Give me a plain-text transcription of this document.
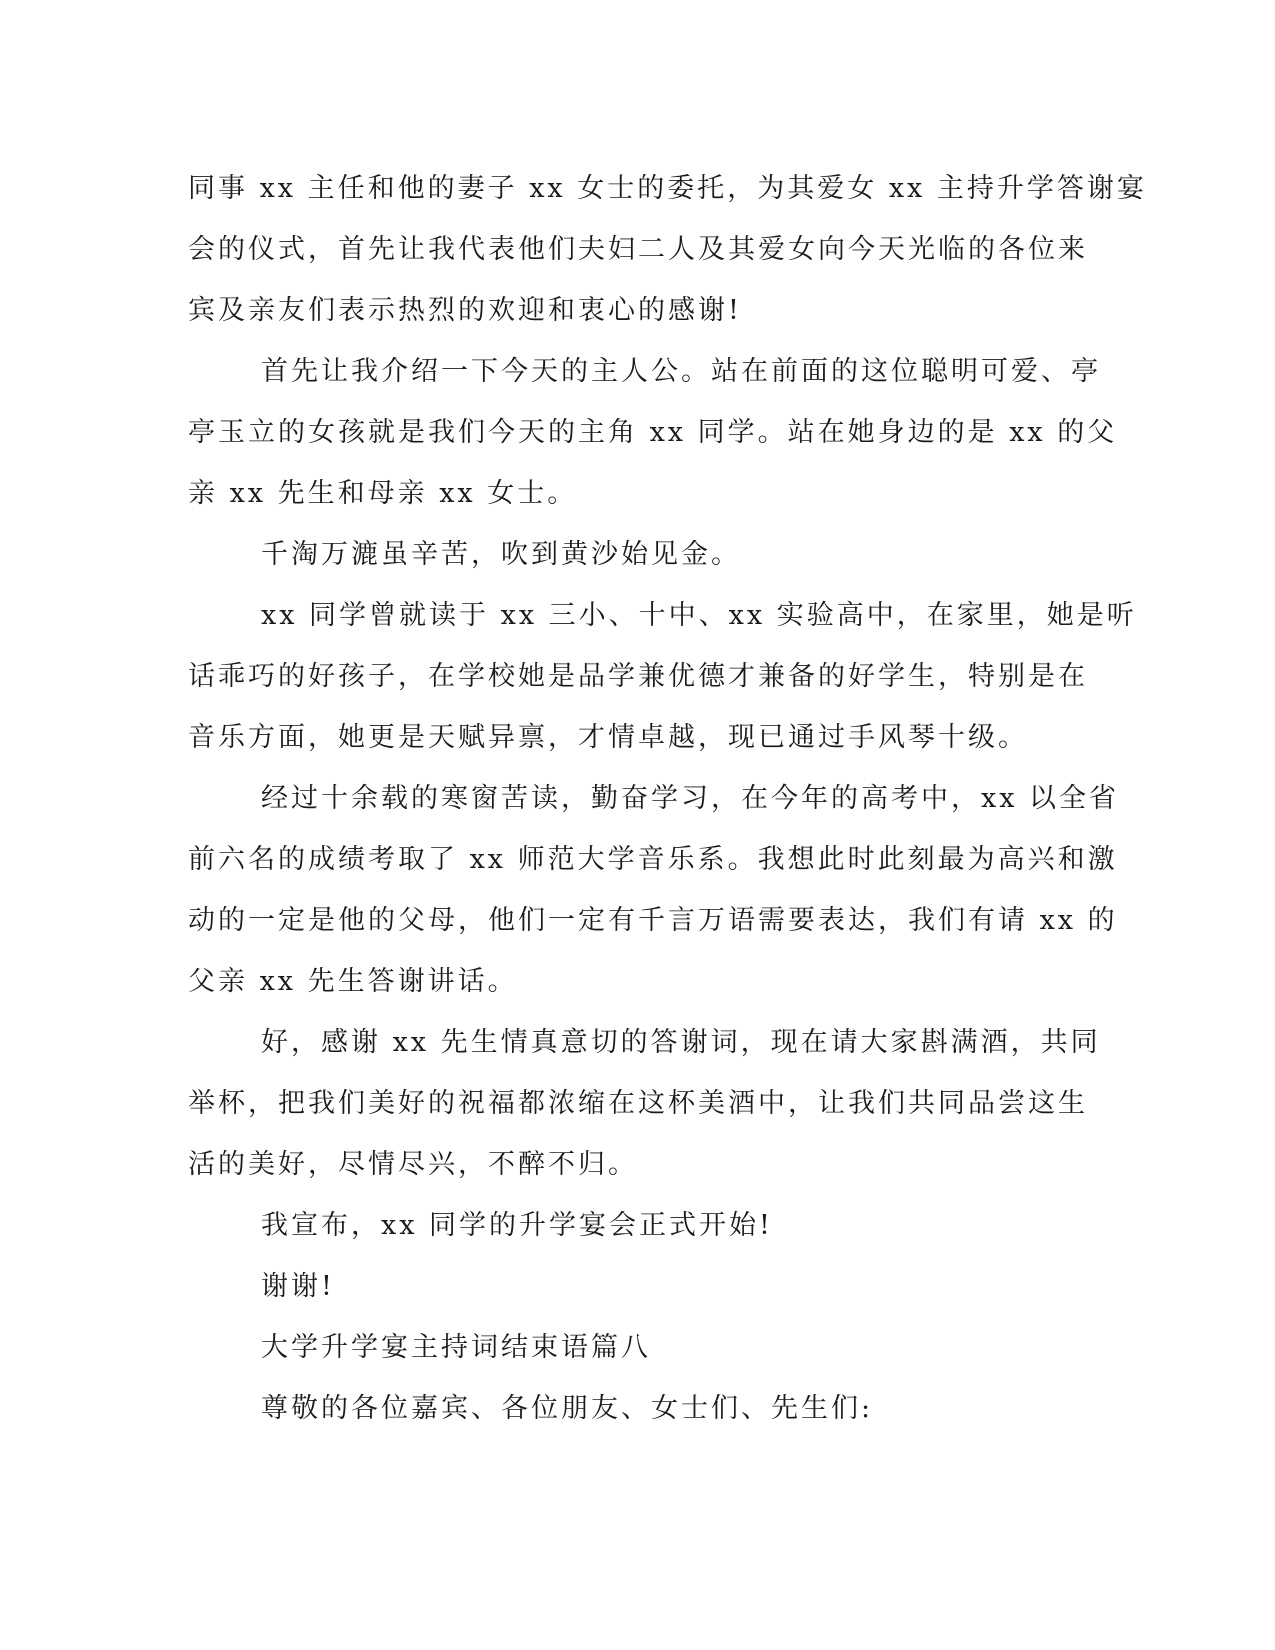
同事 xx 主任和他的妻子 xx 女士的委托，为其爱女 xx 主持升学答谢宴
会的仪式，首先让我代表他们夫妇二人及其爱女向今天光临的各位来
宾及亲友们表示热烈的欢迎和衷心的感谢!
首先让我介绍一下今天的主人公。站在前面的这位聪明可爱、亭
亭玉立的女孩就是我们今天的主角 xx 同学。站在她身边的是 xx 的父
亲 xx 先生和母亲 xx 女士。
千淘万漉虽辛苦，吹到黄沙始见金。
xx 同学曾就读于 xx 三小、十中、xx 实验高中，在家里，她是听
话乖巧的好孩子，在学校她是品学兼优德才兼备的好学生，特别是在
音乐方面，她更是天赋异禀，才情卓越，现已通过手风琴十级。
经过十余载的寒窗苦读，勤奋学习，在今年的高考中，xx 以全省
前六名的成绩考取了 xx 师范大学音乐系。我想此时此刻最为高兴和激
动的一定是他的父母，他们一定有千言万语需要表达，我们有请 xx 的
父亲 xx 先生答谢讲话。
好，感谢 xx 先生情真意切的答谢词，现在请大家斟满酒，共同
举杯，把我们美好的祝福都浓缩在这杯美酒中，让我们共同品尝这生
活的美好，尽情尽兴，不醉不归。
我宣布，xx 同学的升学宴会正式开始!
谢谢!
大学升学宴主持词结束语篇八
尊敬的各位嘉宾、各位朋友、女士们、先生们:
